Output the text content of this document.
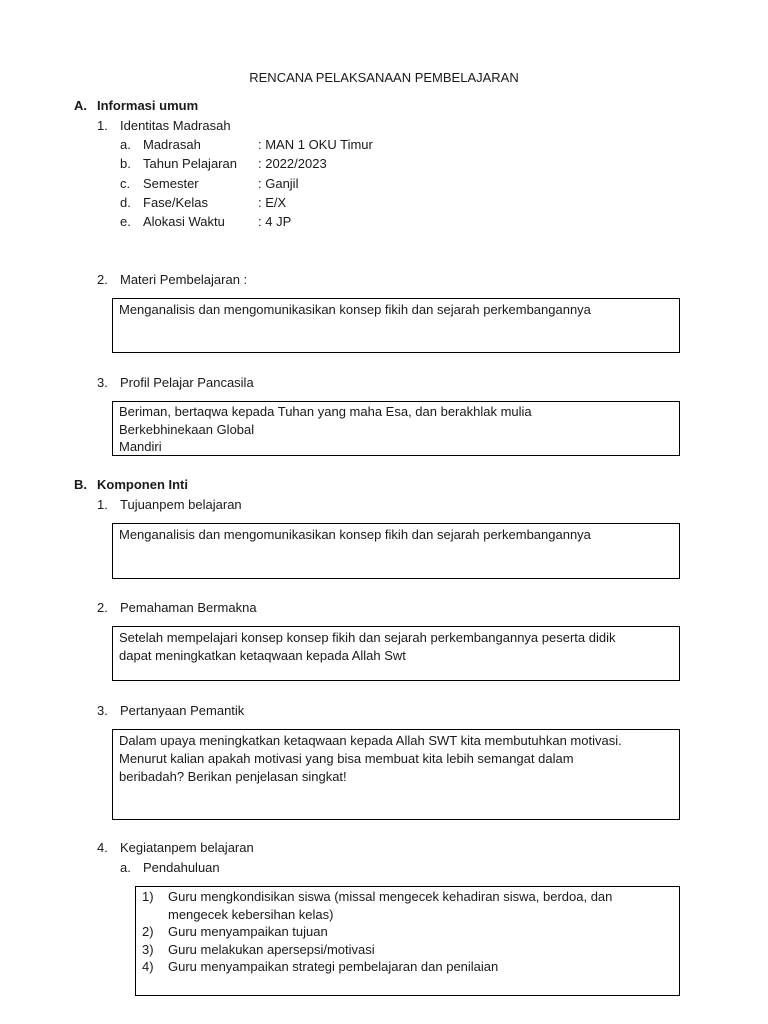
RENCANA PELAKSANAAN PEMBELAJARAN
A. Informasi umum
1. Identitas Madrasah
a. Madrasah	: MAN 1 OKU Timur
b. Tahun Pelajaran : 2022/2023
c. Semester	: Ganjil
d. Fase/Kelas	: E/X
e. Alokasi Waktu	: 4 JP
2. Materi Pembelajaran :

Menganalisis dan mengomunikasikan konsep fikih dan sejarah perkembangannya

3. Profil Pelajar Pancasila

Beriman, bertaqwa kepada Tuhan yang maha Esa, dan berakhlak mulia

Berkebhinekaan Global

Mandiri

B. Komponen Inti
1. Tujuanpem belajaran

Menganalisis dan mengomunikasikan konsep fikih dan sejarah perkembangannya

2. Pemahaman Bermakna

Setelah mempelajari konsep konsep fikih dan sejarah perkembangannya peserta didik

dapat meningkatkan ketaqwaan kepada Allah Swt

3. Pertanyaan Pemantik

Dalam upaya meningkatkan ketaqwaan kepada Allah SWT kita membutuhkan motivasi.

Menurut kalian apakah motivasi yang bisa membuat kita lebih semangat dalam

beribadah? Berikan penjelasan singkat!

4. Kegiatanpem belajaran
a. Pendahuluan
1)	Guru mengkondisikan siswa (missal mengecek kehadiran siswa, berdoa, dan

mengecek kebersihan kelas)

2)	Guru menyampaikan tujuan

3)	Guru melakukan apersepsi/motivasi

4)	Guru menyampaikan strategi pembelajaran dan penilaian
